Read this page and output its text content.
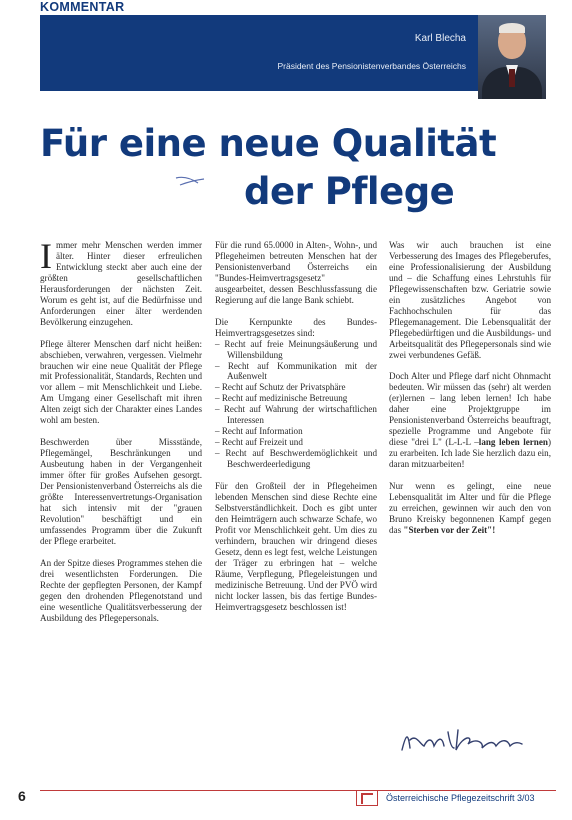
KOMMENTAR
Karl Blecha
Präsident des Pensionistenverbandes Österreichs
Für eine neue Qualität
der Pflege

Immer mehr Menschen werden immer älter. Hinter dieser erfreulichen Entwicklung steckt aber auch eine der größten gesellschaftlichen Herausforderungen der nächsten Zeit. Worum es geht ist, auf die Bedürfnisse und Anforderungen einer älter werdenden Bevölkerung einzugehen.

Pflege älterer Menschen darf nicht heißen: abschieben, verwahren, vergessen. Vielmehr brauchen wir eine neue Qualität der Pflege mit Professionalität, Standards, Rechten und vor allem – mit Menschlichkeit und Liebe. Am Umgang einer Gesellschaft mit ihren Alten zeigt sich der Charakter eines Landes wohl am besten.

Beschwerden über Missstände, Pflegemängel, Beschränkungen und Ausbeutung haben in der Vergangenheit immer öfter für großes Aufsehen gesorgt. Der Pensionistenverband Österreichs als die größte Interessenvertretungs-Organisation hat sich intensiv mit der "grauen Revolution" beschäftigt und ein umfassendes Programm über die Zukunft der Pflege erarbeitet.

An der Spitze dieses Programmes stehen die drei wesentlichsten Forderungen. Die Rechte der gepflegten Personen, der Kampf gegen den drohenden Pflegenotstand und eine wesentliche Qualitätsverbesserung der Ausbildung des Pflegepersonals.

Für die rund 65.0000 in Alten-, Wohn-, und Pflegeheimen betreuten Menschen hat der Pensionistenverband Österreichs ein "Bundes-Heimvertragsgesetz" ausgearbeitet, dessen Beschlussfassung die Regierung auf die lange Bank schiebt.

Die Kernpunkte des Bundes-Heimvertragsgesetzes sind:

– Recht auf freie Meinungsäußerung und Willensbildung
– Recht auf Kommunikation mit der Außenwelt
– Recht auf Schutz der Privatsphäre
– Recht auf medizinische Betreuung
– Recht auf Wahrung der wirtschaftlichen Interessen
– Recht auf Information
– Recht auf Freizeit und
– Recht auf Beschwerdemöglichkeit und Beschwerdeerledigung

Für den Großteil der in Pflegeheimen lebenden Menschen sind diese Rechte eine Selbstverständlichkeit. Doch es gibt unter den Heimträgern auch schwarze Schafe, wo Profit vor Menschlichkeit geht. Um dies zu verhindern, brauchen wir dringend dieses Gesetz, denn es legt fest, welche Leistungen der Träger zu erbringen hat – welche Räume, Verpflegung, Pflegeleistungen und medizinische Betreuung. Und der PVÖ wird nicht locker lassen, bis das fertige Bundes-Heimvertragsgesetz beschlossen ist!

Was wir auch brauchen ist eine Verbesserung des Images des Pflegeberufes, eine Professionalisierung der Ausbildung und – die Schaffung eines Lehrstuhls für Pflegewissenschaften bzw. Geriatrie sowie ein zusätzliches Angebot von Fachhochschulen für das Pflegemanagement. Die Lebensqualität der Pflegebedürftigen und die Ausbildungs- und Arbeitsqualität des Pflegepersonals sind wie zwei verbundenes Gefäß.

Doch Alter und Pflege darf nicht Ohnmacht bedeuten. Wir müssen das (sehr) alt werden (er)lernen – lang leben lernen! Ich habe daher eine Projektgruppe im Pensionistenverband Österreichs beauftragt, spezielle Programme und Angebote für diese "drei L" (L-L-L –lang leben lernen) zu erarbeiten. Ich lade Sie herzlich dazu ein, daran mitzuarbeiten!

Nur wenn es gelingt, eine neue Lebensqualität im Alter und für die Pflege zu erreichen, gewinnen wir auch den von Bruno Kreisky begonnenen Kampf gegen das "Sterben vor der Zeit"!

6	Österreichische Pflegezeitschrift 3/03
